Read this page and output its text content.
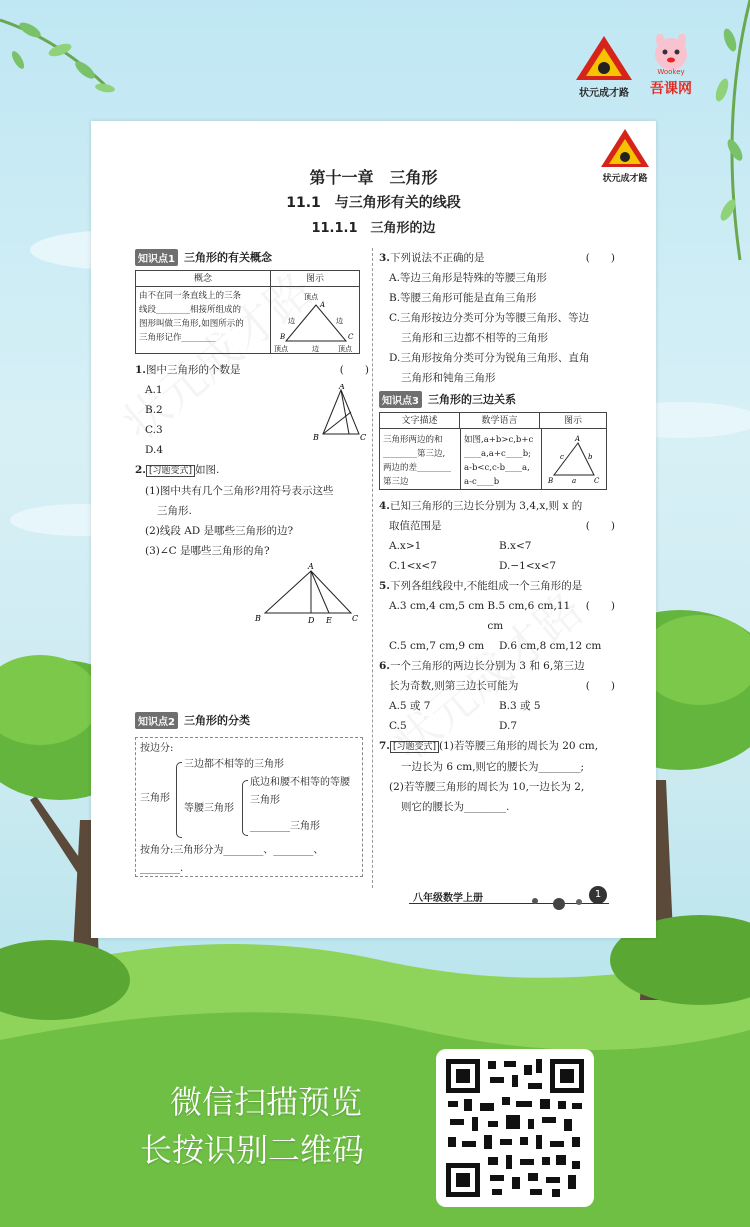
状元成才路
Wookey
吾课网
状元成才路
第十一章　三角形
11.1　与三角形有关的线段
11.1.1　三角形的边
知识点1 三角形的有关概念
概念	图示
由不在同一条直线上的三条
线段________相接所组成的
图形叫做三角形,如图所示的
三角形记作________
顶点
A
边	边
边
B	C
顶点	顶点
1.图中三角形的个数是	(　　)
A.1
B.2
C.3
D.4
A
B	C
2. [习题变式] 如图.
(1)图中共有几个三角形?用符号表示这些
三角形.
(2)线段 AD 是哪些三角形的边?
(3)∠C 是哪些三角形的角?
A
B	D E	C
知识点2 三角形的分类
按边分:
三角形
三边都不相等的三角形
等腰三角形
底边和腰不相等的等腰
三角形
________三角形
按角分:三角形分为________、________、
________.
3.下列说法不正确的是	(　　)
A.等边三角形是特殊的等腰三角形
B.等腰三角形可能是直角三角形
C.三角形按边分类可分为等腰三角形、等边
三角形和三边都不相等的三角形
D.三角形按角分类可分为锐角三角形、直角
三角形和钝角三角形
知识点3 三角形的三边关系
文字描述	数学语言	图示
三角形两边的和
________第三边,
两边的差________
第三边
如图,a+b>c,b+c
____a,a+c____b;
a-b<c,c-b____a,
a-c____b
A
B	C
c	b
a
4.已知三角形的三边长分别为 3,4,x,则 x 的
取值范围是	(　　)
A.x>1	B.x<7
C.1<x<7	D.−1<x<7
5.下列各组线段中,不能组成一个三角形的是
(　　)
A.3 cm,4 cm,5 cm B.5 cm,6 cm,11 cm
C.5 cm,7 cm,9 cm	D.6 cm,8 cm,12 cm
6.一个三角形的两边长分别为 3 和 6,第三边
长为奇数,则第三边长可能为	(　　)
A.5 或 7	B.3 或 5
C.5	D.7
7. [习题变式] (1)若等腰三角形的周长为 20 cm,
一边长为 6 cm,则它的腰长为________;
(2)若等腰三角形的周长为 10,一边长为 2,
则它的腰长为________.
八年级数学上册	1
微信扫描预览
长按识别二维码
